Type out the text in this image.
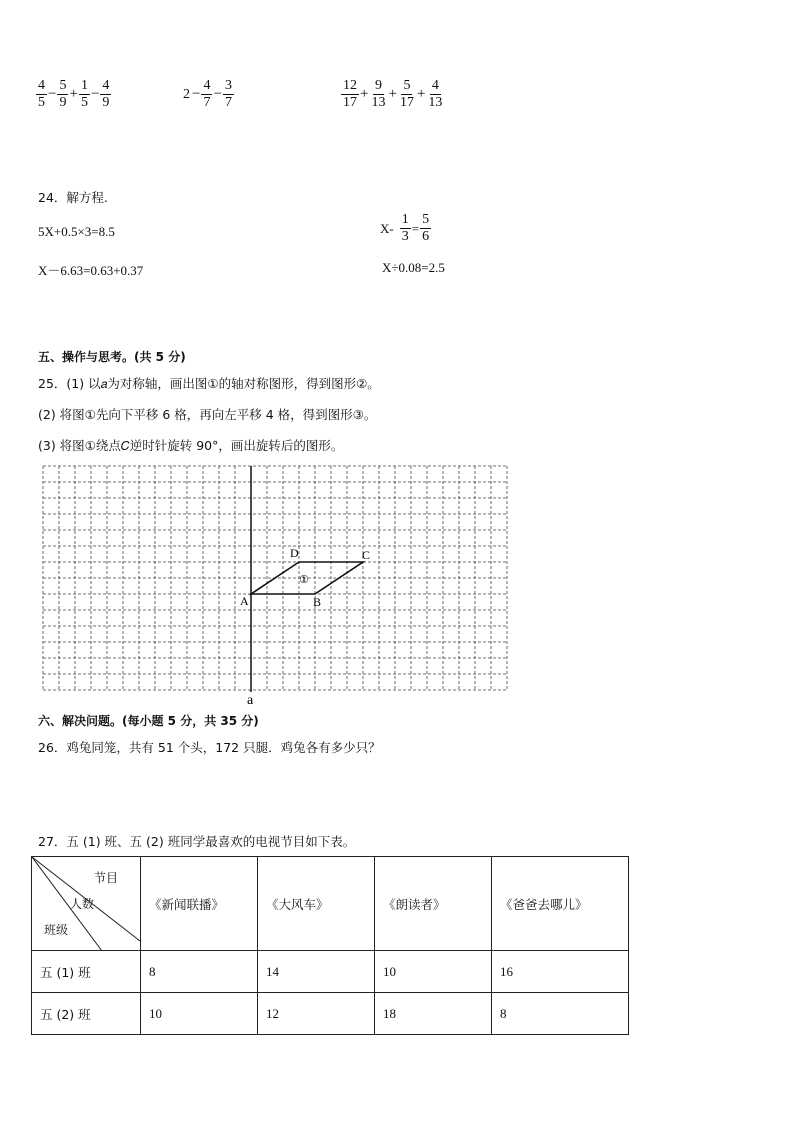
$\frac{4}{5} - \frac{5}{9} + \frac{1}{5} - \frac{4}{9}$	$2 - \frac{4}{7} - \frac{3}{7}$	$\frac{12}{17} + \frac{9}{13} + \frac{5}{17} + \frac{4}{13}$
24．解方程.
5X+0.5×3=8.5	$X- \frac{1}{3} = \frac{5}{6}$
X－6.63=0.63+0.37	X÷0.08=2.5
五、操作与思考。(共 5 分)
25．(1) 以𝑎为对称轴，画出图①的轴对称图形，得到图形②。
(2) 将图①先向下平移 6 格，再向左平移 4 格，得到图形③。
(3) 将图①绕点𝐶逆时针旋转 90°，画出旋转后的图形。
A	B
C
D
①
a
六、解决问题。(每小题 5 分，共 35 分)
26．鸡兔同笼，共有 51 个头，172 只腿．鸡兔各有多少只？
27．五 (1) 班、五 (2) 班同学最喜欢的电视节目如下表。
节目
人数
班级	《新闻联播》	《大风车》	《朗读者》	《爸爸去哪儿》
五 (1) 班	8	14	10	16
五 (2) 班	10	12	18	8
